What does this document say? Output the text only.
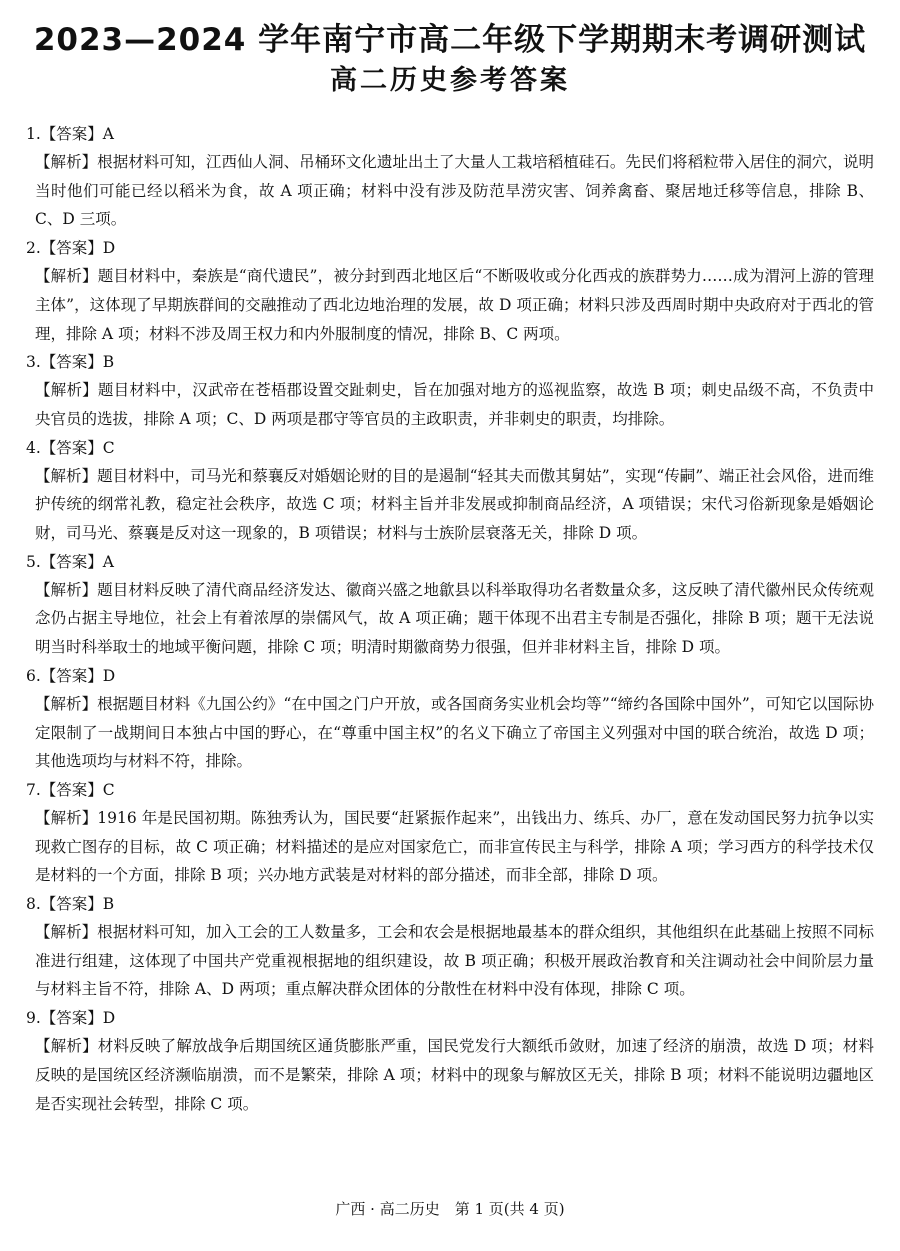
2023—2024 学年南宁市高二年级下学期期末考调研测试
高二历史参考答案
1.【答案】A
【解析】根据材料可知，江西仙人洞、吊桶环文化遗址出土了大量人工栽培稻植硅石。先民们将稻粒带入居住的洞穴，说明当时他们可能已经以稻米为食，故 A 项正确；材料中没有涉及防范旱涝灾害、饲养禽畜、聚居地迁移等信息，排除 B、C、D 三项。
2.【答案】D
【解析】题目材料中，秦族是“商代遗民”，被分封到西北地区后“不断吸收或分化西戎的族群势力……成为渭河上游的管理主体”，这体现了早期族群间的交融推动了西北边地治理的发展，故 D 项正确；材料只涉及西周时期中央政府对于西北的管理，排除 A 项；材料不涉及周王权力和内外服制度的情况，排除 B、C 两项。
3.【答案】B
【解析】题目材料中，汉武帝在苍梧郡设置交趾刺史，旨在加强对地方的巡视监察，故选 B 项；刺史品级不高，不负责中央官员的选拔，排除 A 项；C、D 两项是郡守等官员的主政职责，并非刺史的职责，均排除。
4.【答案】C
【解析】题目材料中，司马光和蔡襄反对婚姻论财的目的是遏制“轻其夫而傲其舅姑”，实现“传嗣”、端正社会风俗，进而维护传统的纲常礼教，稳定社会秩序，故选 C 项；材料主旨并非发展或抑制商品经济，A 项错误；宋代习俗新现象是婚姻论财，司马光、蔡襄是反对这一现象的，B 项错误；材料与士族阶层衰落无关，排除 D 项。
5.【答案】A
【解析】题目材料反映了清代商品经济发达、徽商兴盛之地歙县以科举取得功名者数量众多，这反映了清代徽州民众传统观念仍占据主导地位，社会上有着浓厚的崇儒风气，故 A 项正确；题干体现不出君主专制是否强化，排除 B 项；题干无法说明当时科举取士的地域平衡问题，排除 C 项；明清时期徽商势力很强，但并非材料主旨，排除 D 项。
6.【答案】D
【解析】根据题目材料《九国公约》“在中国之门户开放，或各国商务实业机会均等”“缔约各国除中国外”，可知它以国际协定限制了一战期间日本独占中国的野心，在“尊重中国主权”的名义下确立了帝国主义列强对中国的联合统治，故选 D 项；其他选项均与材料不符，排除。
7.【答案】C
【解析】1916 年是民国初期。陈独秀认为，国民要“赶紧振作起来”，出钱出力、练兵、办厂，意在发动国民努力抗争以实现救亡图存的目标，故 C 项正确；材料描述的是应对国家危亡，而非宣传民主与科学，排除 A 项；学习西方的科学技术仅是材料的一个方面，排除 B 项；兴办地方武装是对材料的部分描述，而非全部，排除 D 项。
8.【答案】B
【解析】根据材料可知，加入工会的工人数量多，工会和农会是根据地最基本的群众组织，其他组织在此基础上按照不同标准进行组建，这体现了中国共产党重视根据地的组织建设，故 B 项正确；积极开展政治教育和关注调动社会中间阶层力量与材料主旨不符，排除 A、D 两项；重点解决群众团体的分散性在材料中没有体现，排除 C 项。
9.【答案】D
【解析】材料反映了解放战争后期国统区通货膨胀严重，国民党发行大额纸币敛财，加速了经济的崩溃，故选 D 项；材料反映的是国统区经济濒临崩溃，而不是繁荣，排除 A 项；材料中的现象与解放区无关，排除 B 项；材料不能说明边疆地区是否实现社会转型，排除 C 项。
广西 · 高二历史　第 1 页(共 4 页)
